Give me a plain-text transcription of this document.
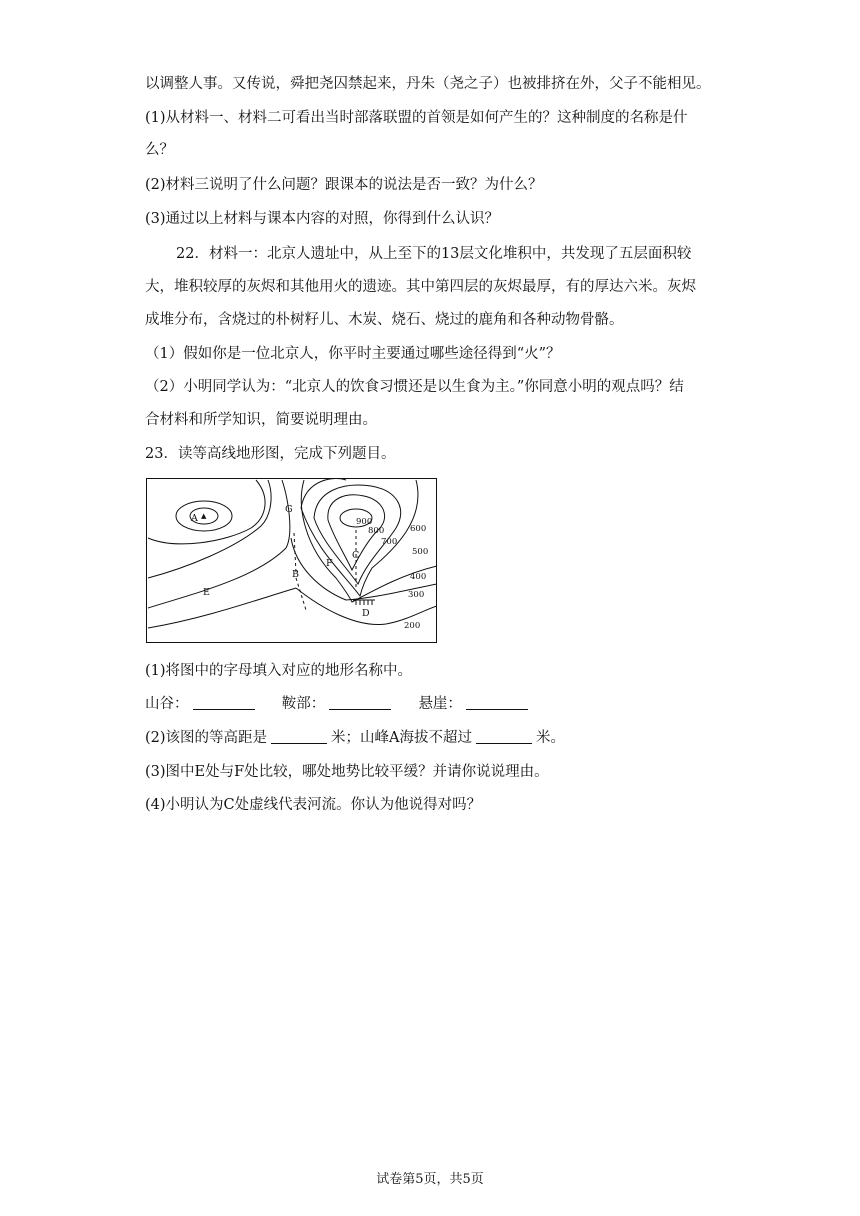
以调整人事。又传说，舜把尧囚禁起来，丹朱（尧之子）也被排挤在外，父子不能相见。
(1)从材料一、材料二可看出当时部落联盟的首领是如何产生的？这种制度的名称是什
么？
(2)材料三说明了什么问题？跟课本的说法是否一致？为什么？
(3)通过以上材料与课本内容的对照，你得到什么认识？
22．材料一：北京人遗址中，从上至下的13层文化堆积中，共发现了五层面积较
大，堆积较厚的灰烬和其他用火的遗迹。其中第四层的灰烬最厚，有的厚达六米。灰烬
成堆分布，含烧过的朴树籽儿、木炭、烧石、烧过的鹿角和各种动物骨骼。
（1）假如你是一位北京人，你平时主要通过哪些途径得到“火”？
（2）小明同学认为：“北京人的饮食习惯还是以生食为主。”你同意小明的观点吗？结
合材料和所学知识，简要说明理由。
23．读等高线地形图，完成下列题目。
A ▲
G
C
F
B
E
D
900
800
700
600
500
400
300
200
(1)将图中的字母填入对应的地形名称中。
山谷：	鞍部：	悬崖：
(2)该图的等高距是	米；山峰A海拔不超过	米。
(3)图中E处与F处比较，哪处地势比较平缓？并请你说说理由。
(4)小明认为C处虚线代表河流。你认为他说得对吗？
试卷第5页，共5页
